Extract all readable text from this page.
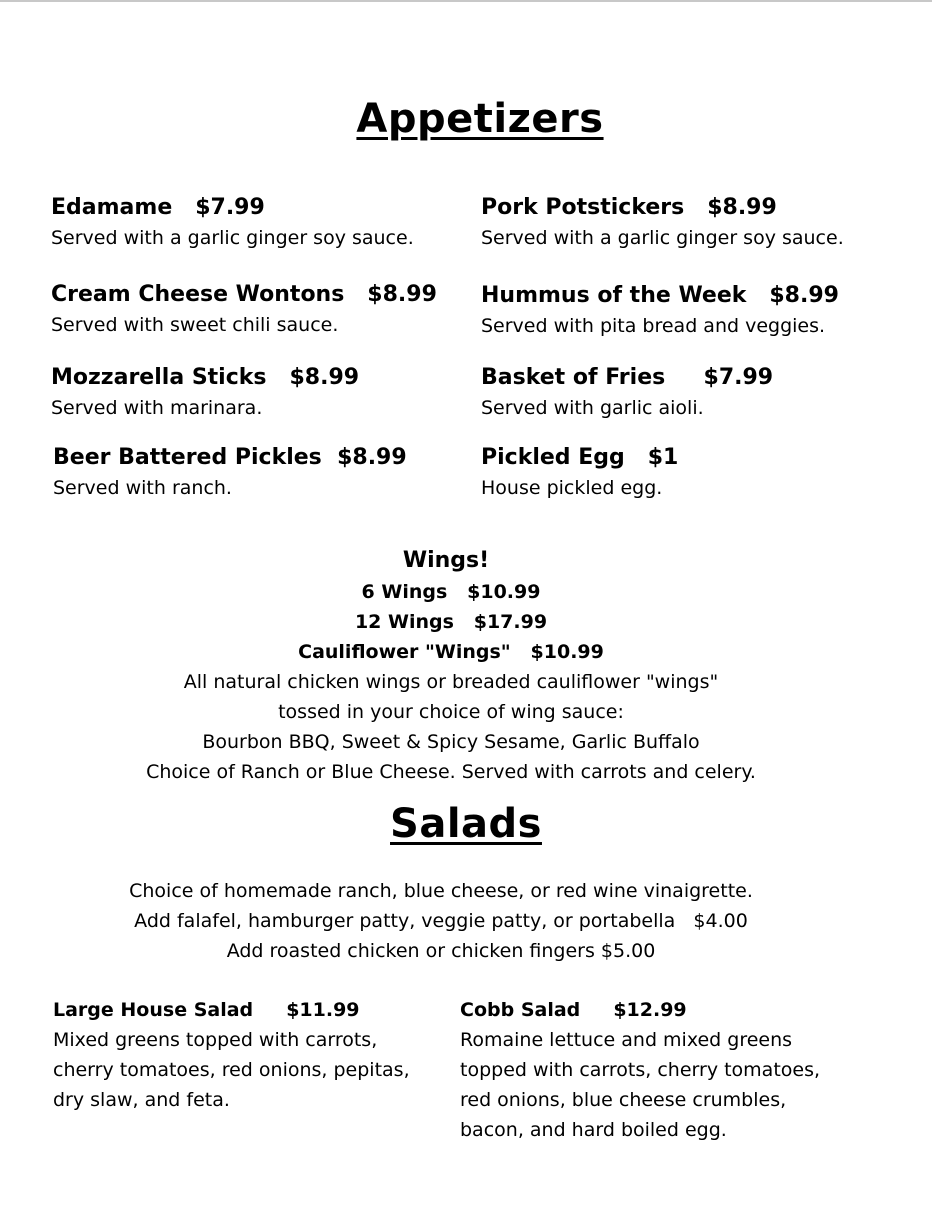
Appetizers
Edamame   $7.99
Served with a garlic ginger soy sauce.
Pork Potstickers   $8.99
Served with a garlic ginger soy sauce.
Cream Cheese Wontons   $8.99
Served with sweet chili sauce.
Hummus of the Week   $8.99
Served with pita bread and veggies.
Mozzarella Sticks   $8.99
Served with marinara.
Basket of Fries     $7.99
Served with garlic aioli.
Beer Battered Pickles  $8.99
Served with ranch.
Pickled Egg   $1
House pickled egg.
Wings!
6 Wings   $10.99
12 Wings   $17.99
Cauliflower "Wings"   $10.99
All natural chicken wings or breaded cauliflower "wings"
tossed in your choice of wing sauce:
Bourbon BBQ, Sweet & Spicy Sesame, Garlic Buffalo
Choice of Ranch or Blue Cheese. Served with carrots and celery.
Salads
Choice of homemade ranch, blue cheese, or red wine vinaigrette.
Add falafel, hamburger patty, veggie patty, or portabella   $4.00
Add roasted chicken or chicken fingers $5.00
Large House Salad     $11.99
Mixed greens topped with carrots,
cherry tomatoes, red onions, pepitas,
dry slaw, and feta.
Cobb Salad     $12.99
Romaine lettuce and mixed greens
topped with carrots, cherry tomatoes,
red onions, blue cheese crumbles,
bacon, and hard boiled egg.
